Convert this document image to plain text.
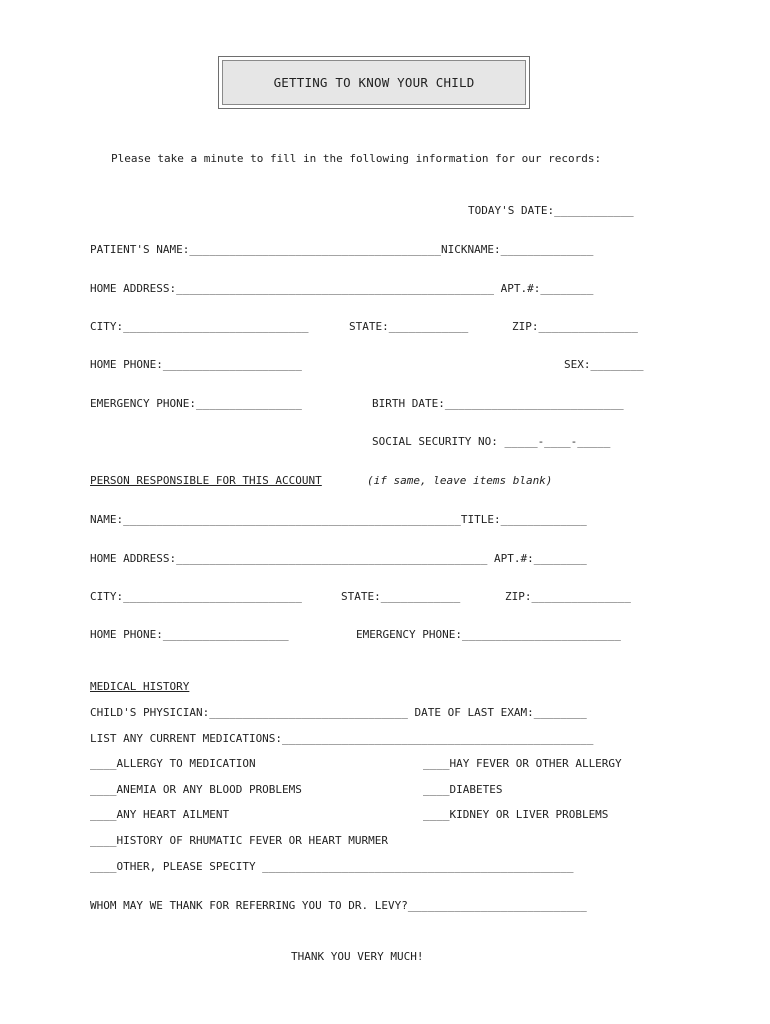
GETTING TO KNOW YOUR CHILD
Please take a minute to fill in the following information for our records:
TODAY'S DATE:____________
PATIENT'S NAME:______________________________________NICKNAME:______________
HOME ADDRESS:________________________________________________ APT.#:________
CITY:____________________________	STATE:____________	ZIP:_______________
HOME PHONE:_____________________	SEX:________
EMERGENCY PHONE:________________	BIRTH DATE:___________________________
SOCIAL SECURITY NO: _____-____-_____
PERSON RESPONSIBLE FOR THIS ACCOUNT	(if same, leave items blank)
NAME:___________________________________________________TITLE:_____________
HOME ADDRESS:_______________________________________________ APT.#:________
CITY:___________________________	STATE:____________	ZIP:_______________
HOME PHONE:___________________	EMERGENCY PHONE:________________________
MEDICAL HISTORY
CHILD'S PHYSICIAN:______________________________ DATE OF LAST EXAM:________
LIST ANY CURRENT MEDICATIONS:_______________________________________________
____ALLERGY TO MEDICATION	____HAY FEVER OR OTHER ALLERGY
____ANEMIA OR ANY BLOOD PROBLEMS	____DIABETES
____ANY HEART AILMENT	____KIDNEY OR LIVER PROBLEMS
____HISTORY OF RHUMATIC FEVER OR HEART MURMER
____OTHER, PLEASE SPECITY _______________________________________________
WHOM MAY WE THANK FOR REFERRING YOU TO DR. LEVY?___________________________
THANK YOU VERY MUCH!
